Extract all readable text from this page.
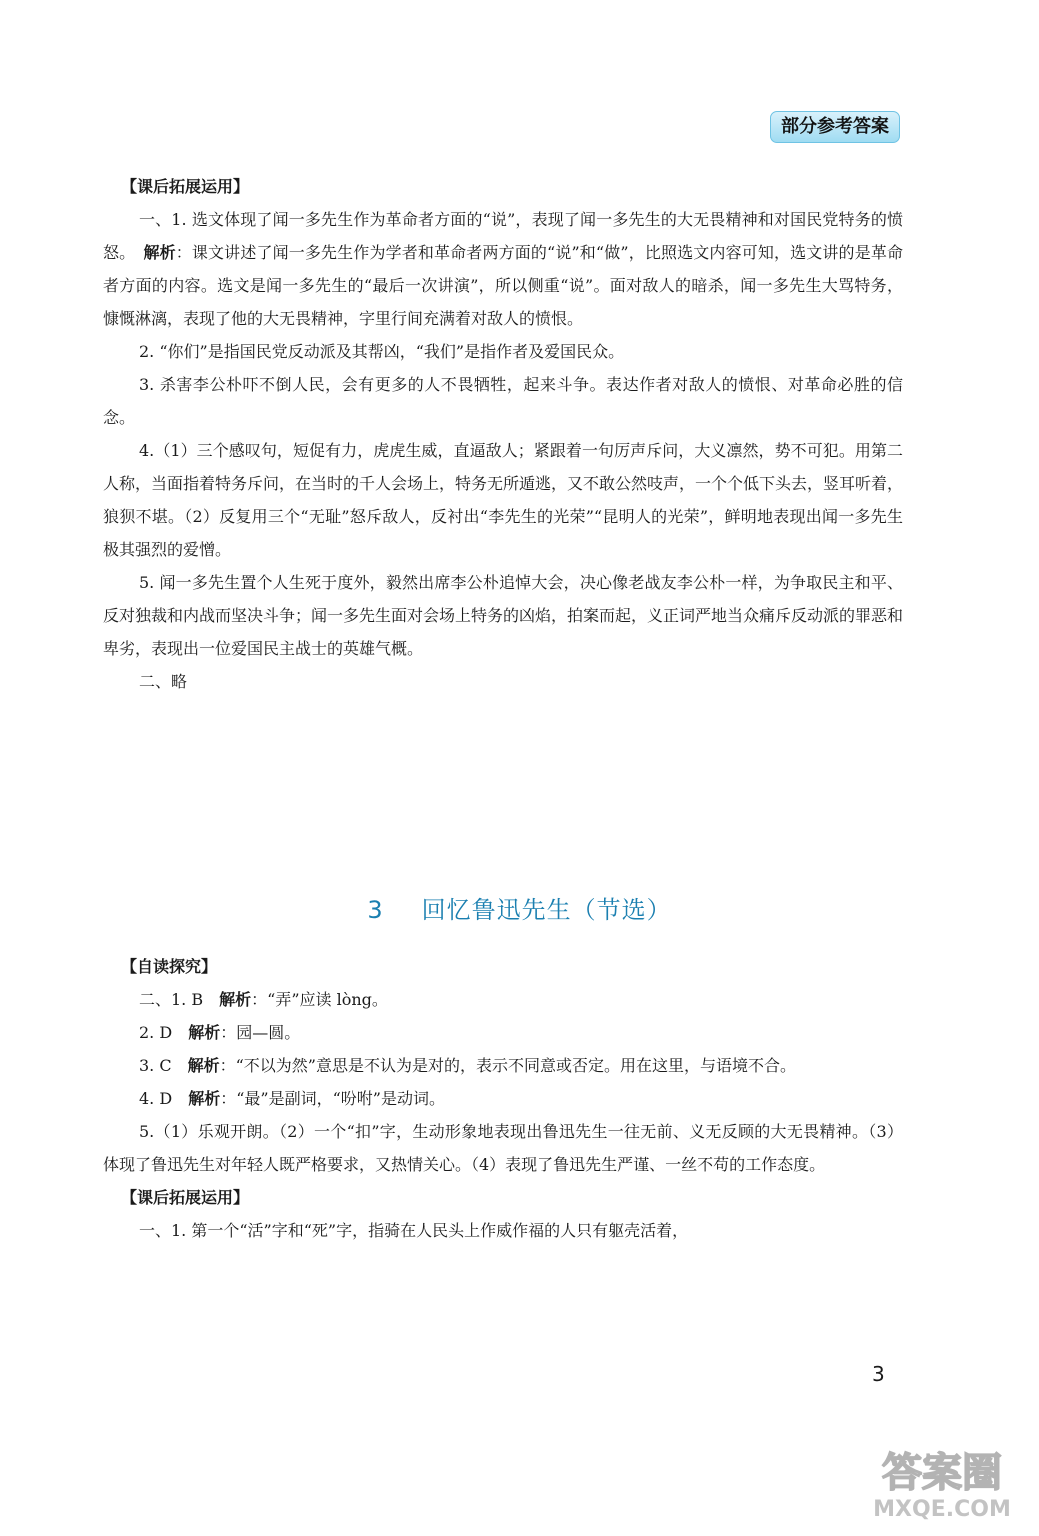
部分参考答案

【课后拓展运用】

一、1. 选文体现了闻一多先生作为革命者方面的“说”，表现了闻一多先生的大无畏精神和对国民党特务的愤怒。　 解析：课文讲述了闻一多先生作为学者和革命者两方面的“说”和“做”，比照选文内容可知，选文讲的是革命者方面的内容。选文是闻一多先生的“最后一次讲演”，所以侧重“说”。面对敌人的暗杀，闻一多先生大骂特务，慷慨淋漓，表现了他的大无畏精神，字里行间充满着对敌人的愤恨。

2. “你们”是指国民党反动派及其帮凶，“我们”是指作者及爱国民众。

3. 杀害李公朴吓不倒人民，会有更多的人不畏牺牲，起来斗争。表达作者对敌人的愤恨、对革命必胜的信念。

4.（1）三个感叹句，短促有力，虎虎生威，直逼敌人；紧跟着一句厉声斥问，大义凛然，势不可犯。用第二人称，当面指着特务斥问，在当时的千人会场上，特务无所遁逃，又不敢公然吱声，一个个低下头去，竖耳听着，狼狈不堪。（2）反复用三个“无耻”怒斥敌人，反衬出“李先生的光荣”“昆明人的光荣”，鲜明地表现出闻一多先生极其强烈的爱憎。

5. 闻一多先生置个人生死于度外，毅然出席李公朴追悼大会，决心像老战友李公朴一样，为争取民主和平、反对独裁和内战而坚决斗争；闻一多先生面对会场上特务的凶焰，拍案而起，义正词严地当众痛斥反动派的罪恶和卑劣，表现出一位爱国民主战士的英雄气概。

二、略

3 回忆鲁迅先生（节选）

【自读探究】

二、1. B　 解析：“弄”应读 lòng。

2. D　 解析：园—圆。

3. C　 解析：“不以为然”意思是不认为是对的，表示不同意或否定。用在这里，与语境不合。

4. D　 解析：“最”是副词，“吩咐”是动词。

5.（1）乐观开朗。（2）一个“扣”字，生动形象地表现出鲁迅先生一往无前、义无反顾的大无畏精神。（3）体现了鲁迅先生对年轻人既严格要求，又热情关心。（4）表现了鲁迅先生严谨、一丝不苟的工作态度。

【课后拓展运用】

一、1. 第一个“活”字和“死”字，指骑在人民头上作威作福的人只有躯壳活着，

3
答案圈
MXQE.COM
